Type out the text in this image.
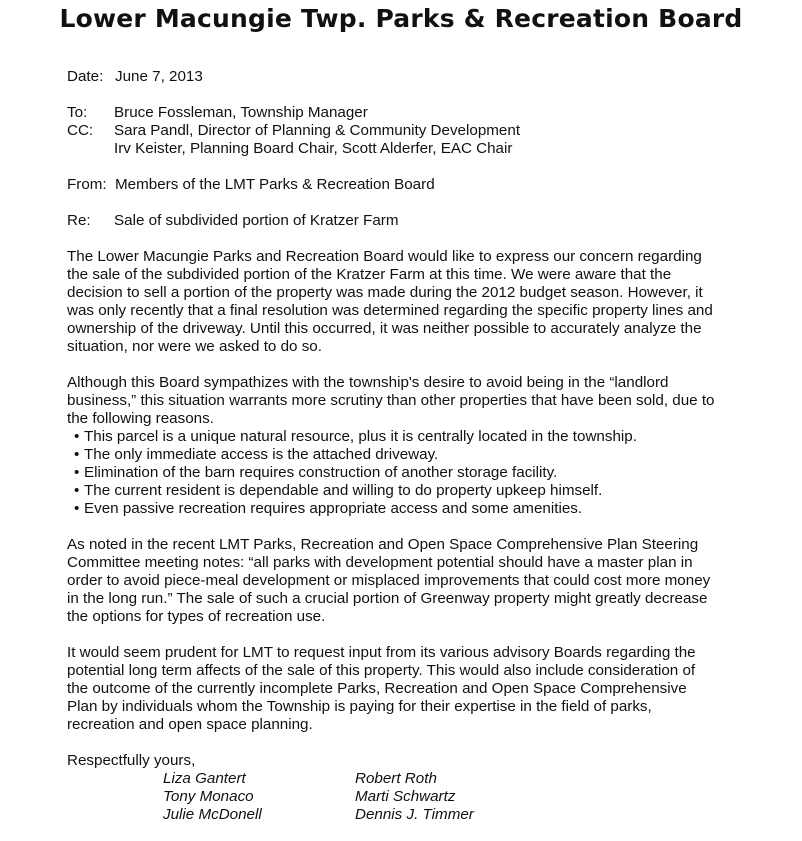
Lower Macungie Twp. Parks & Recreation Board
Date: June 7, 2013
To: Bruce Fossleman, Township Manager
CC: Sara Pandl, Director of Planning & Community Development
Irv Keister, Planning Board Chair, Scott Alderfer, EAC Chair
From: Members of the LMT Parks & Recreation Board
Re: Sale of subdivided portion of Kratzer Farm
The Lower Macungie Parks and Recreation Board would like to express our concern regarding
the sale of the subdivided portion of the Kratzer Farm at this time. We were aware that the
decision to sell a portion of the property was made during the 2012 budget season. However, it
was only recently that a final resolution was determined regarding the specific property lines and
ownership of the driveway. Until this occurred, it was neither possible to accurately analyze the
situation, nor were we asked to do so.
Although this Board sympathizes with the township's desire to avoid being in the “landlord
business,” this situation warrants more scrutiny than other properties that have been sold, due to
the following reasons.
• This parcel is a unique natural resource, plus it is centrally located in the township.
• The only immediate access is the attached driveway.
• Elimination of the barn requires construction of another storage facility.
• The current resident is dependable and willing to do property upkeep himself.
• Even passive recreation requires appropriate access and some amenities.
As noted in the recent LMT Parks, Recreation and Open Space Comprehensive Plan Steering
Committee meeting notes: “all parks with development potential should have a master plan in
order to avoid piece-meal development or misplaced improvements that could cost more money
in the long run.” The sale of such a crucial portion of Greenway property might greatly decrease
the options for types of recreation use.
It would seem prudent for LMT to request input from its various advisory Boards regarding the
potential long term affects of the sale of this property. This would also include consideration of
the outcome of the currently incomplete Parks, Recreation and Open Space Comprehensive
Plan by individuals whom the Township is paying for their expertise in the field of parks,
recreation and open space planning.
Respectfully yours,
Liza Gantert
Tony Monaco
Julie McDonell
Robert Roth
Marti Schwartz
Dennis J. Timmer
